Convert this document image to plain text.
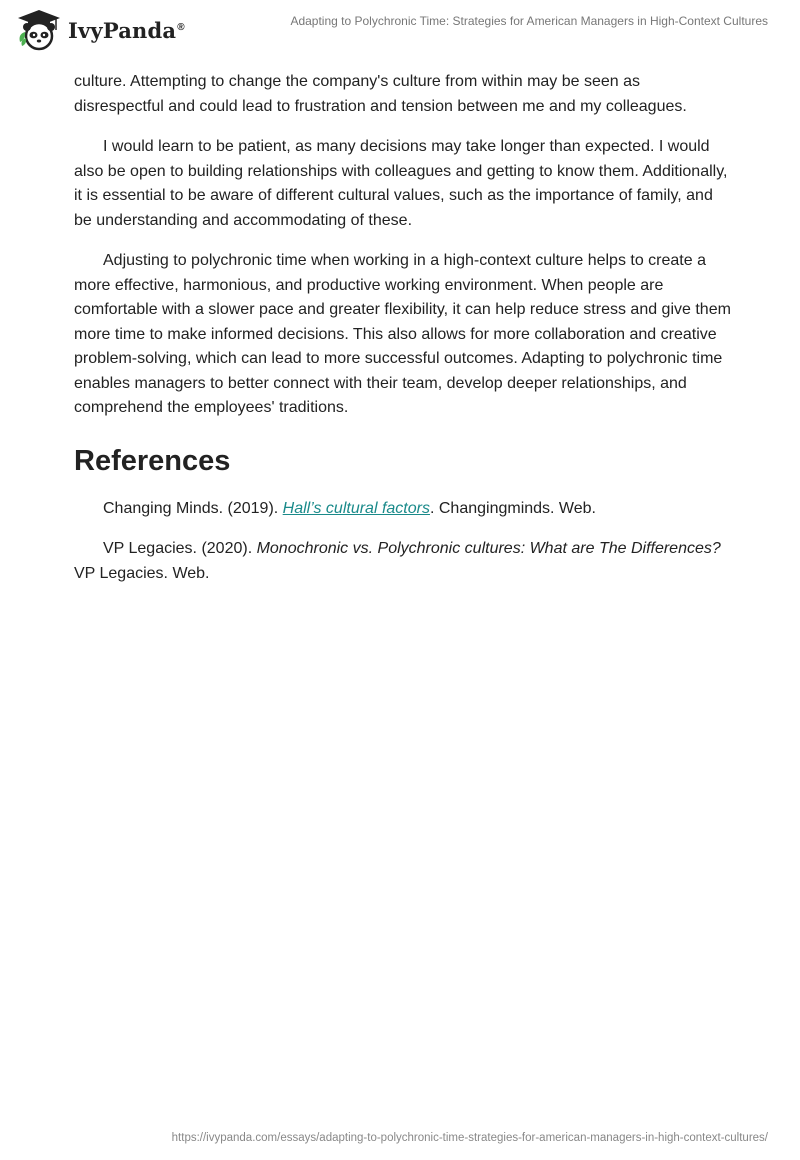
IvyPanda®	Adapting to Polychronic Time: Strategies for American Managers in High-Context Cultures

culture. Attempting to change the company's culture from within may be seen as disrespectful and could lead to frustration and tension between me and my colleagues.

I would learn to be patient, as many decisions may take longer than expected. I would also be open to building relationships with colleagues and getting to know them. Additionally, it is essential to be aware of different cultural values, such as the importance of family, and be understanding and accommodating of these.

Adjusting to polychronic time when working in a high-context culture helps to create a more effective, harmonious, and productive working environment. When people are comfortable with a slower pace and greater flexibility, it can help reduce stress and give them more time to make informed decisions. This also allows for more collaboration and creative problem-solving, which can lead to more successful outcomes. Adapting to polychronic time enables managers to better connect with their team, develop deeper relationships, and comprehend the employees' traditions.

References

Changing Minds. (2019). Hall’s cultural factors. Changingminds. Web.

VP Legacies. (2020). Monochronic vs. Polychronic cultures: What are The Differences? VP Legacies. Web.

https://ivypanda.com/essays/adapting-to-polychronic-time-strategies-for-american-managers-in-high-context-cultures/
